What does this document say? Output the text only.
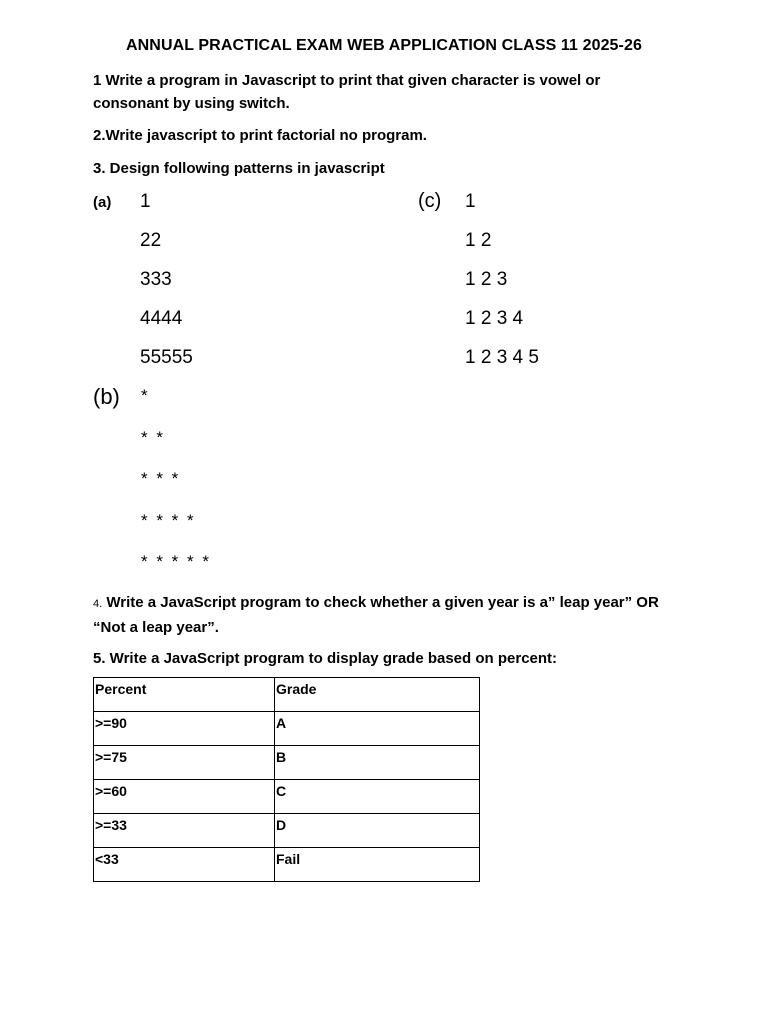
ANNUAL PRACTICAL EXAM WEB APPLICATION CLASS 11 2025-26
1 Write a program in Javascript to print that given character is vowel or consonant by using switch.
2.Write javascript to print factorial no program.
3. Design following patterns in javascript
(a) 1
22
333
4444
55555
(c) 1
1 2
1 2 3
1 2 3 4
1 2 3 4 5
(b) *
* *
* * *
* * * *
* * * * *
4. Write a JavaScript program to check whether a given year is a” leap year” OR “Not a leap year”.
5. Write a JavaScript program to display grade based on percent:
Percent	Grade
>=90	A
>=75	B
>=60	C
>=33	D
<33	Fail
